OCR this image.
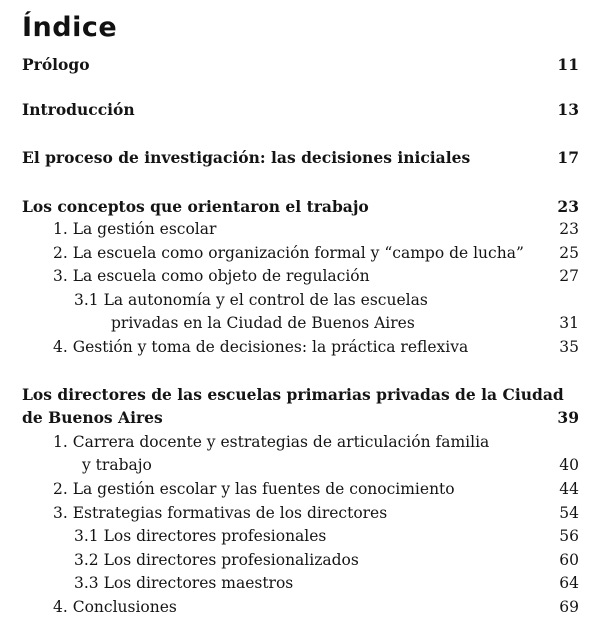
Índice
Prólogo	11
Introducción	13
El proceso de investigación: las decisiones iniciales	17
Los conceptos que orientaron el trabajo	23
1. La gestión escolar	23
2. La escuela como organización formal y “campo de lucha” 25
3. La escuela como objeto de regulación	27
3.1 La autonomía y el control de las escuelas
privadas en la Ciudad de Buenos Aires	31
4. Gestión y toma de decisiones: la práctica reflexiva	35
Los directores de las escuelas primarias privadas de la Ciudad
de Buenos Aires	39
1. Carrera docente y estrategias de articulación familia
y trabajo	40
2. La gestión escolar y las fuentes de conocimiento	44
3. Estrategias formativas de los directores	54
3.1 Los directores profesionales	56
3.2 Los directores profesionalizados	60
3.3 Los directores maestros	64
4. Conclusiones	69
